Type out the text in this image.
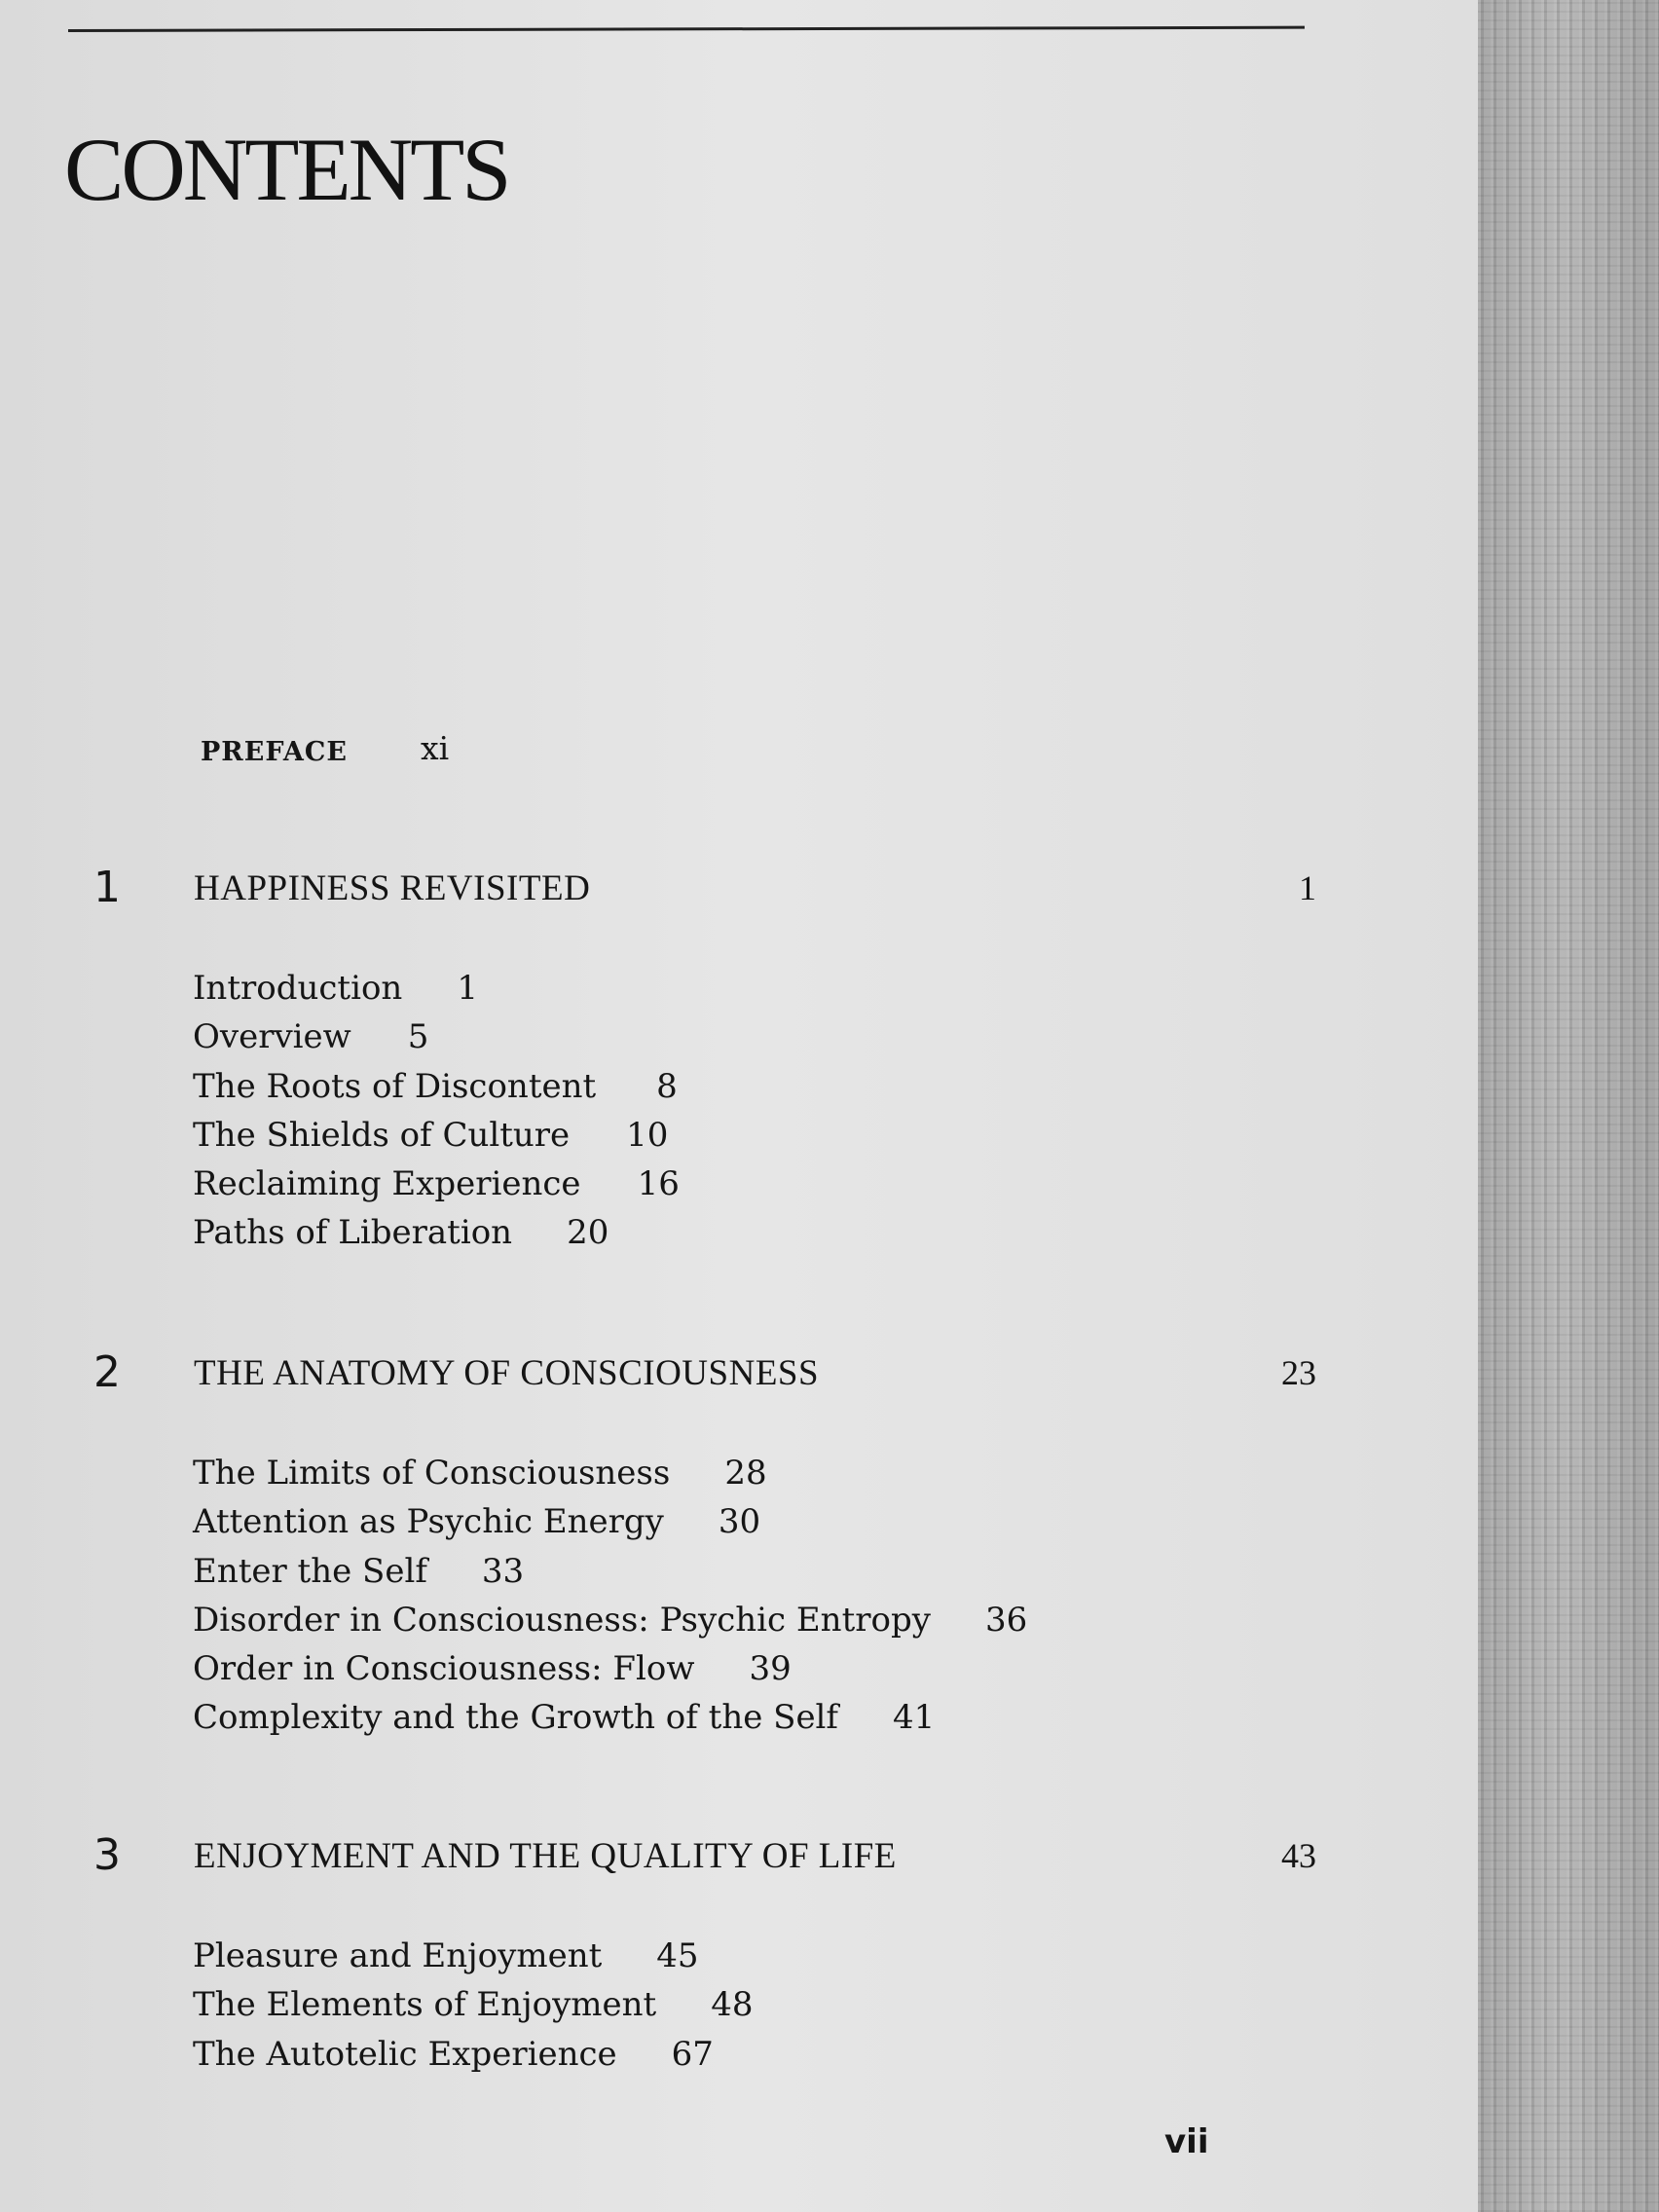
CONTENTS
PREFACE xi
1 HAPPINESS REVISITED	1
Introduction 1
Overview 5
The Roots of Discontent 8
The Shields of Culture 10
Reclaiming Experience 16
Paths of Liberation 20
2 THE ANATOMY OF CONSCIOUSNESS	23
The Limits of Consciousness 28
Attention as Psychic Energy 30
Enter the Self 33
Disorder in Consciousness: Psychic Entropy 36
Order in Consciousness: Flow 39
Complexity and the Growth of the Self 41
3 ENJOYMENT AND THE QUALITY OF LIFE	43
Pleasure and Enjoyment 45
The Elements of Enjoyment 48
The Autotelic Experience 67
vii
